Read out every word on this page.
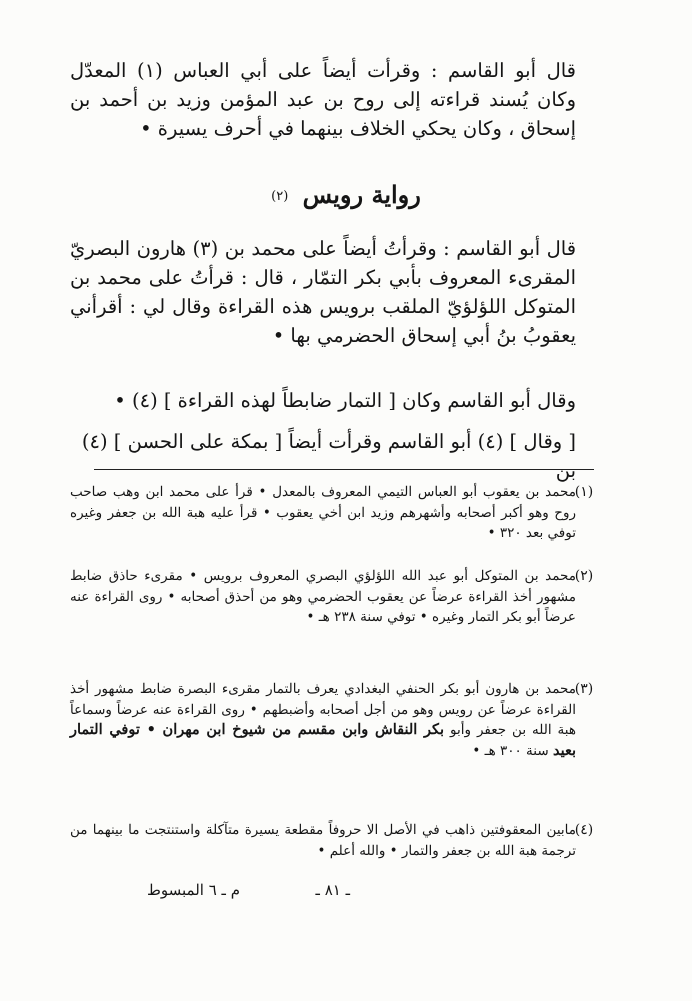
قال أبو القاسم : وقرأت أيضاً على أبي العباس (١) المعدّل وكان يُسند قراءته إلى روح بن عبد المؤمن وزيد بن أحمد بن إسحاق ، وكان يحكي الخلاف بينهما في أحرف يسيرة •

رواية رويس (٢)

قال أبو القاسم : وقرأتُ أيضاً على محمد بن (٣) هارون البصريّ المقرىء المعروف بأبي بكر التمّار ، قال : قرأتُ على محمد بن المتوكل اللؤلؤيّ الملقب برويس هذه القراءة وقال لي : أقرأني يعقوبُ بنُ أبي إسحاق الحضرمي بها •

وقال أبو القاسم وكان [ التمار ضابطاً لهذه القراءة ] (٤) •

[ وقال ] (٤) أبو القاسم وقرأت أيضاً [ بمكة على الحسن ] (٤) بن

(١)

محمد بن يعقوب أبو العباس التيمي المعروف بالمعدل • قرأ على محمد ابن وهب صاحب روح وهو أكبر أصحابه وأشهرهم وزيد ابن أخي يعقوب • قرأ عليه هبة الله بن جعفر وغيره توفي بعد ٣٢٠ •

(٢)

محمد بن المتوكل أبو عبد الله اللؤلؤي البصري المعروف برويس • مقرىء حاذق ضابط مشهور أخذ القراءة عرضاً عن يعقوب الحضرمي وهو من أحذق أصحابه • روى القراءة عنه عرضاً أبو بكر التمار وغيره • توفي سنة ٢٣٨ هـ •

(٣)

محمد بن هارون أبو بكر الحنفي البغدادي يعرف بالتمار مقرىء البصرة ضابط مشهور أخذ القراءة عرضاً عن رويس وهو من أجل أصحابه وأضبطهم • روى القراءة عنه عرضاً وسماعاً هبة الله بن جعفر وأبو بكر النقاش وابن مقسم من شيوخ ابن مهران • توفي التمار بعيد سنة ٣٠٠ هـ •

(٤)

مابين المعقوفتين ذاهب في الأصل الا حروفاً مقطعة يسيرة متآكلة واستنتجت ما بينهما من ترجمة هبة الله بن جعفر والتمار • والله أعلم •

ـ ٨١ ـ
م ـ ٦ المبسوط
